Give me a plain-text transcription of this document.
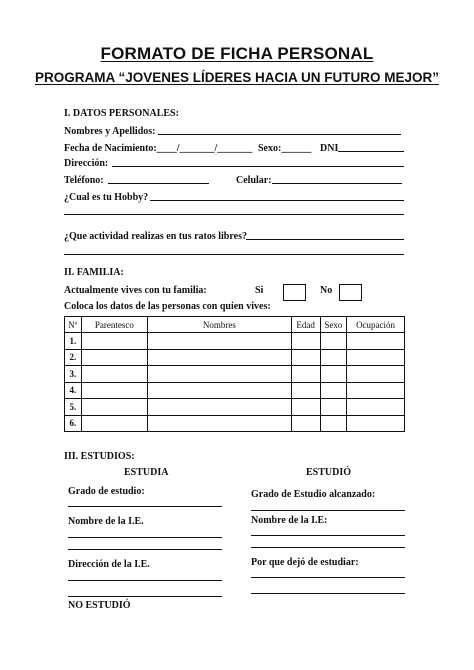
FORMATO DE FICHA PERSONAL
PROGRAMA “JOVENES LÍDERES HACIA UN FUTURO MEJOR”
I. DATOS PERSONALES:
Nombres y Apellidos:
Fecha de Nacimiento:____/_______/_______ Sexo:______ DNI
Dirección:
Teléfono:	Celular:
¿Cual es tu Hobby?
¿Que actividad realizas en tus ratos libres?
II. FAMILIA:
Actualmente vives con tu familia:	Si	No
Coloca los datos de las personas con quien vives:
Nº	Parentesco	Nombres	Edad	Sexo	Ocupación
1.					
2.					
3.					
4.					
5.					
6.					
III. ESTUDIOS:
ESTUDIA	ESTUDIÓ
Grado de estudio:
Nombre de la I.E.
Dirección de la I.E.
NO ESTUDIÓ
Grado de Estudio alcanzado:
Nombre de la I.E:
Por que dejó de estudiar:
